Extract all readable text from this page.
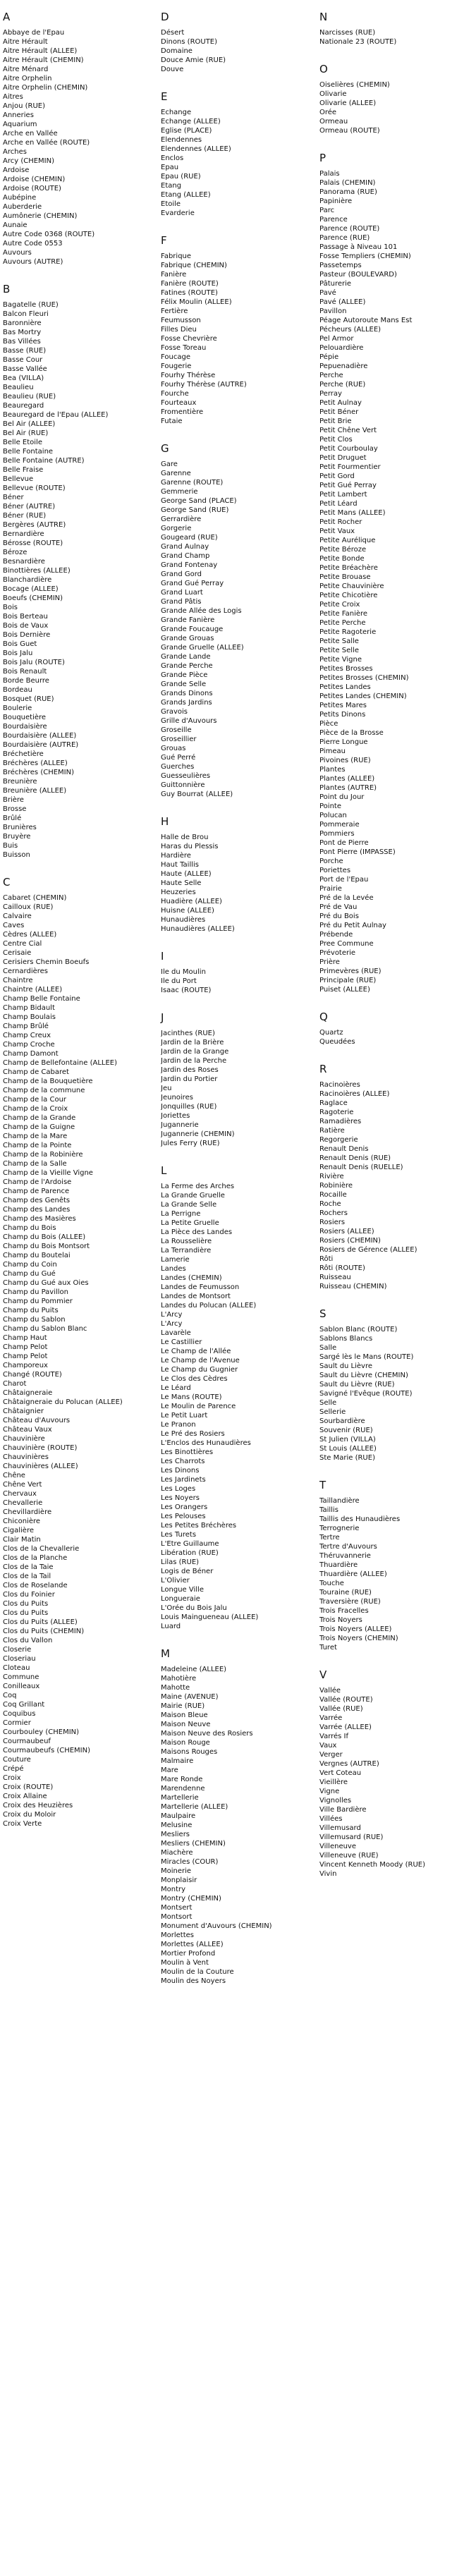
A
Abbaye de l'Epau
Aitre Hérault
Aitre Hérault (ALLEE)
Aitre Hérault (CHEMIN)
Aitre Ménard
Aitre Orphelin
Aitre Orphelin (CHEMIN)
Aitres
Anjou (RUE)
Anneries
Aquarium
Arche en Vallée
Arche en Vallée (ROUTE)
Arches
Arcy (CHEMIN)
Ardoise
Ardoise (CHEMIN)
Ardoise (ROUTE)
Aubépine
Auberderie
Aumônerie (CHEMIN)
Aunaie
Autre Code 0368 (ROUTE)
Autre Code 0553
Auvours
Auvours (AUTRE)
B
Bagatelle (RUE)
Balcon Fleuri
Baronnière
Bas Mortry
Bas Villées
Basse (RUE)
Basse Cour
Basse Vallée
Bea (VILLA)
Beaulieu
Beaulieu (RUE)
Beauregard
Beauregard de l'Epau (ALLEE)
Bel Air (ALLEE)
Bel Air (RUE)
Belle Etoile
Belle Fontaine
Belle Fontaine (AUTRE)
Belle Fraise
Bellevue
Bellevue (ROUTE)
Béner
Béner (AUTRE)
Béner (RUE)
Bergères (AUTRE)
Bernardière
Bérosse (ROUTE)
Béroze
Besnardière
Binottières (ALLEE)
Blanchardière
Bocage (ALLEE)
Boeufs (CHEMIN)
Bois
Bois Berteau
Bois de Vaux
Bois Dernière
Bois Guet
Bois Jalu
Bois Jalu (ROUTE)
Bois Renault
Borde Beurre
Bordeau
Bosquet (RUE)
Boulerie
Bouquetière
Bourdaisière
Bourdaisière (ALLEE)
Bourdaisière (AUTRE)
Bréchetière
Bréchères (ALLEE)
Bréchères (CHEMIN)
Breunière
Breunière (ALLEE)
Brière
Brosse
Brûlé
Brunières
Bruyère
Buis
Buisson
C
Cabaret (CHEMIN)
Cailloux (RUE)
Calvaire
Caves
Cèdres (ALLEE)
Centre Cial
Cerisaie
Cerisiers Chemin Boeufs
Cernardières
Chaintre
Chaintre (ALLEE)
Champ Belle Fontaine
Champ Bidault
Champ Boulais
Champ Brûlé
Champ Creux
Champ Croche
Champ Damont
Champ de Bellefontaine (ALLEE)
Champ de Cabaret
Champ de la Bouquetière
Champ de la commune
Champ de la Cour
Champ de la Croix
Champ de la Grande
Champ de la Guigne
Champ de la Mare
Champ de la Pointe
Champ de la Robinière
Champ de la Salle
Champ de la Vieille Vigne
Champ de l'Ardoise
Champ de Parence
Champ des Genêts
Champ des Landes
Champ des Masières
Champ du Bois
Champ du Bois (ALLEE)
Champ du Bois Montsort
Champ du Boutelai
Champ du Coin
Champ du Gué
Champ du Gué aux Oies
Champ du Pavillon
Champ du Pommier
Champ du Puits
Champ du Sablon
Champ du Sablon Blanc
Champ Haut
Champ Pelot
Champ Pelot
Champoreux
Changé (ROUTE)
Charot
Châtaigneraie
Châtaigneraie du Polucan (ALLEE)
Châtaignier
Château d'Auvours
Château Vaux
Chauvinière
Chauvinière (ROUTE)
Chauvinières
Chauvinières (ALLEE)
Chêne
Chêne Vert
Chervaux
Chevallerie
Chevillardière
Chiconière
Cigalière
Clair Matin
Clos de la Chevallerie
Clos de la Planche
Clos de la Taie
Clos de la Tail
Clos de Roselande
Clos du Foinier
Clos du Puits
Clos du Puits
Clos du Puits (ALLEE)
Clos du Puits (CHEMIN)
Clos du Vallon
Closerie
Closeriau
Cloteau
Commune
Conilleaux
Coq
Coq Grillant
Coquibus
Cormier
Courbouley (CHEMIN)
Courmaubeuf
Courmaubeufs (CHEMIN)
Couture
Crépé
Croix
Croix (ROUTE)
Croix Allaine
Croix des Heuzières
Croix du Moloir
Croix Verte
D
Désert
Dinons (ROUTE)
Domaine
Douce Amie (RUE)
Douve
E
Echange
Echange (ALLEE)
Eglise (PLACE)
Elendennes
Elendennes (ALLEE)
Enclos
Epau
Epau (RUE)
Etang
Etang (ALLEE)
Etoile
Evarderie
F
Fabrique
Fabrique (CHEMIN)
Fanière
Fanière (ROUTE)
Fatines (ROUTE)
Félix Moulin (ALLEE)
Fertière
Feumusson
Filles Dieu
Fosse Chevrière
Fosse Toreau
Foucage
Fougerie
Fourhy Thérèse
Fourhy Thérèse (AUTRE)
Fourche
Fourteaux
Fromentière
Futaie
G
Gare
Garenne
Garenne (ROUTE)
Gemmerie
George Sand (PLACE)
George Sand (RUE)
Gerrardière
Gorgerie
Gougeard (RUE)
Grand Aulnay
Grand Champ
Grand Fontenay
Grand Gord
Grand Gué Perray
Grand Luart
Grand Pâtis
Grande Allée des Logis
Grande Fanière
Grande Foucauge
Grande Grouas
Grande Gruelle (ALLEE)
Grande Lande
Grande Perche
Grande Pièce
Grande Selle
Grands Dinons
Grands Jardins
Gravois
Grille d'Auvours
Groseille
Groseillier
Grouas
Gué Perré
Guerches
Guesseulières
Guittonnière
Guy Bourrat (ALLEE)
H
Halle de Brou
Haras du Plessis
Hardière
Haut Taillis
Haute (ALLEE)
Haute Selle
Heuzeries
Huadière (ALLEE)
Huisne (ALLEE)
Hunaudières
Hunaudières (ALLEE)
I
Ile du Moulin
Ile du Port
Isaac (ROUTE)
J
Jacinthes (RUE)
Jardin de la Brière
Jardin de la Grange
Jardin de la Perche
Jardin des Roses
Jardin du Portier
Jeu
Jeunoires
Jonquilles (RUE)
Joriettes
Jugannerie
Jugannerie (CHEMIN)
Jules Ferry (RUE)
L
La Ferme des Arches
La Grande Gruelle
La Grande Selle
La Perrigne
La Petite Gruelle
La Pièce des Landes
La Rousselière
La Terrandière
Lamerie
Landes
Landes (CHEMIN)
Landes de Feumusson
Landes de Montsort
Landes du Polucan (ALLEE)
L'Arcy
L'Arcy
Lavarèle
Le Castillier
Le Champ de l'Allée
Le Champ de l'Avenue
Le Champ du Gugnier
Le Clos des Cèdres
Le Léard
Le Mans (ROUTE)
Le Moulin de Parence
Le Petit Luart
Le Pranon
Le Pré des Rosiers
L'Enclos des Hunaudières
Les Binottières
Les Charrots
Les Dinons
Les Jardinets
Les Loges
Les Noyers
Les Orangers
Les Pelouses
Les Petites Bréchères
Les Turets
L'Etre Guillaume
Libération (RUE)
Lilas (RUE)
Logis de Béner
L'Olivier
Longue Ville
Longueraie
L'Orée du Bois Jalu
Louis Maingueneau (ALLEE)
Luard
M
Madeleine (ALLEE)
Mahotière
Mahotte
Maine (AVENUE)
Mairie (RUE)
Maison Bleue
Maison Neuve
Maison Neuve des Rosiers
Maison Rouge
Maisons Rouges
Malmaire
Mare
Mare Ronde
Marendenne
Martellerie
Martellerie (ALLEE)
Maulpaire
Melusine
Mesliers
Mesliers (CHEMIN)
Miachère
Miracles (COUR)
Moinerie
Monplaisir
Montry
Montry (CHEMIN)
Montsert
Montsort
Monument d'Auvours (CHEMIN)
Morlettes
Morlettes (ALLEE)
Mortier Profond
Moulin à Vent
Moulin de la Couture
Moulin des Noyers
N
Narcisses (RUE)
Nationale 23 (ROUTE)
O
Oiselières (CHEMIN)
Olivarie
Olivarie (ALLEE)
Orée
Ormeau
Ormeau (ROUTE)
P
Palais
Palais (CHEMIN)
Panorama (RUE)
Papinière
Parc
Parence
Parence (ROUTE)
Parence (RUE)
Passage à Niveau 101
Fosse Templiers (CHEMIN)
Passetemps
Pasteur (BOULEVARD)
Pâturerie
Pavé
Pavé (ALLEE)
Pavillon
Péage Autoroute Mans Est
Pécheurs (ALLEE)
Pel Armor
Pelouardière
Pépie
Pepuenadière
Perche
Perche (RUE)
Perray
Petit Aulnay
Petit Béner
Petit Brie
Petit Chêne Vert
Petit Clos
Petit Courboulay
Petit Druguet
Petit Fourmentier
Petit Gord
Petit Gué Perray
Petit Lambert
Petit Léard
Petit Mans (ALLEE)
Petit Rocher
Petit Vaux
Petite Aurélique
Petite Béroze
Petite Bonde
Petite Bréachère
Petite Brouase
Petite Chauvinière
Petite Chicotière
Petite Croix
Petite Fanière
Petite Perche
Petite Ragoterie
Petite Salle
Petite Selle
Petite Vigne
Petites Brosses
Petites Brosses (CHEMIN)
Petites Landes
Petites Landes (CHEMIN)
Petites Mares
Petits Dinons
Pièce
Pièce de la Brosse
Pierre Longue
Pimeau
Pivoines (RUE)
Plantes
Plantes (ALLEE)
Plantes (AUTRE)
Point du Jour
Pointe
Polucan
Pommeraie
Pommiers
Pont de Pierre
Pont Pierre (IMPASSE)
Porche
Poriettes
Port de l'Epau
Prairie
Pré de la Levée
Pré de Vau
Pré du Bois
Pré du Petit Aulnay
Prébende
Pree Commune
Prévoterie
Prière
Primevères (RUE)
Principale (RUE)
Puiset (ALLEE)
Q
Quartz
Queudées
R
Racinoières
Racinoières (ALLEE)
Raglace
Ragoterie
Ramadières
Ratière
Regorgerie
Renault Denis
Renault Denis (RUE)
Renault Denis (RUELLE)
Rivière
Robinière
Rocaille
Roche
Rochers
Rosiers
Rosiers (ALLEE)
Rosiers (CHEMIN)
Rosiers de Gérence (ALLEE)
Rôti
Rôti (ROUTE)
Ruisseau
Ruisseau (CHEMIN)
S
Sablon Blanc (ROUTE)
Sablons Blancs
Salle
Sargé lès le Mans (ROUTE)
Sault du Lièvre
Sault du Lièvre (CHEMIN)
Sault du Lièvre (RUE)
Savigné l'Evêque (ROUTE)
Selle
Sellerie
Sourbardière
Souvenir (RUE)
St Julien (VILLA)
St Louis (ALLEE)
Ste Marie (RUE)
T
Taillandière
Taillis
Taillis des Hunaudières
Terrognerie
Tertre
Tertre d'Auvours
Théruvannerie
Thuardière
Thuardière (ALLEE)
Touche
Touraine (RUE)
Traversière (RUE)
Trois Fracelles
Trois Noyers
Trois Noyers (ALLEE)
Trois Noyers (CHEMIN)
Turet
V
Vallée
Vallée (ROUTE)
Vallée (RUE)
Varrée
Varrée (ALLEE)
Varrés If
Vaux
Verger
Vergnes (AUTRE)
Vert Coteau
Vieillère
Vigne
Vignolles
Ville Bardière
Villées
Villemusard
Villemusard (RUE)
Villeneuve
Villeneuve (RUE)
Vincent Kenneth Moody (RUE)
Vivin
